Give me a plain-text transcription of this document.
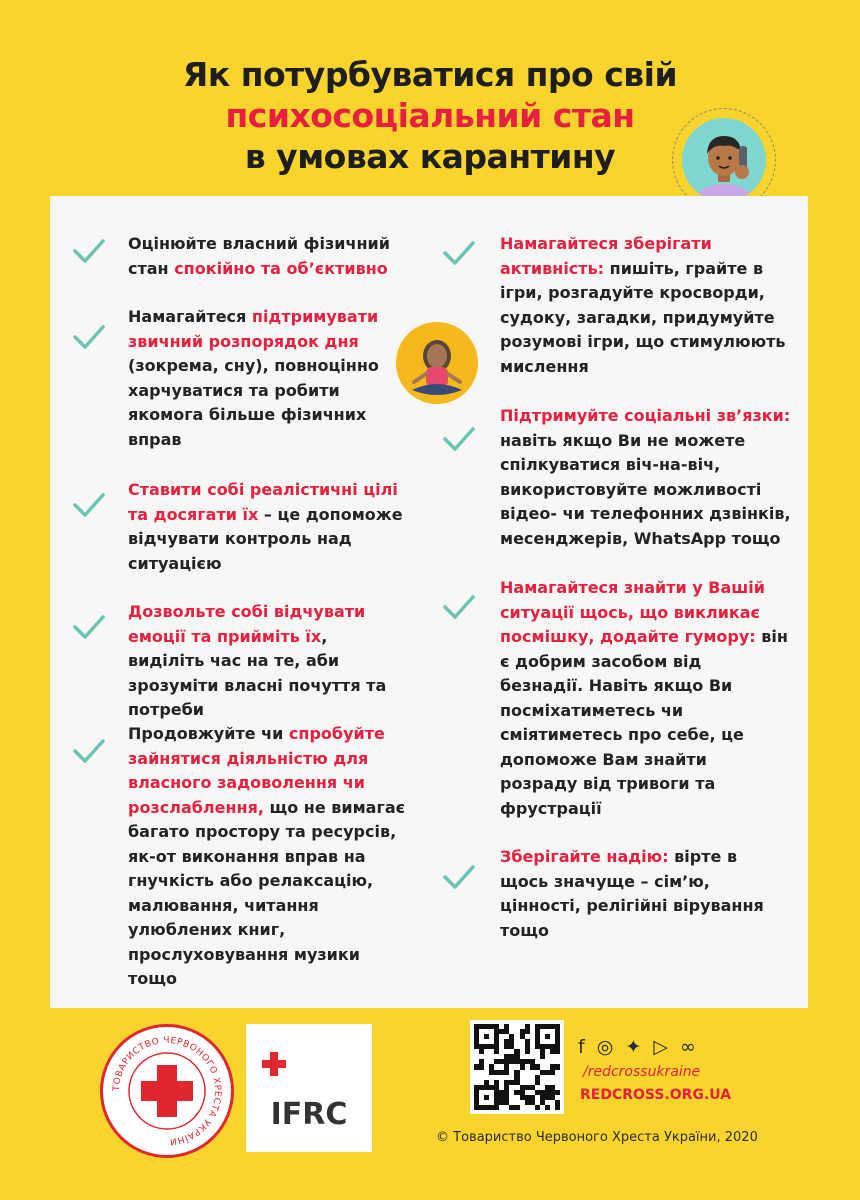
Як потурбуватися про свій
психосоціальний стан
в умовах карантину
Оцінюйте власний фізичний стан спокійно та об’єктивно
Намагайтеся підтримувати звичний розпорядок дня (зокрема, сну), повноцінно харчуватися та робити якомога більше фізичних вправ
Ставити собі реалістичні цілі та досягати їх – це допоможе відчувати контроль над ситуацією
Дозвольте собі відчувати емоції та прийміть їх, виділіть час на те, аби зрозуміти власні почуття та потреби
Продовжуйте чи спробуйте зайнятися діяльністю для власного задоволення чи розслаблення, що не вимагає багато простору та ресурсів, як-от виконання вправ на гнучкість або релаксацію, малювання, читання улюблених книг, прослуховування музики тощо
Намагайтеся зберігати активність: пишіть, грайте в ігри, розгадуйте кросворди, судоку, загадки, придумуйте розумові ігри, що стимулюють мислення
Підтримуйте соціальні зв’язки: навіть якщо Ви не можете спілкуватися віч-на-віч, використовуйте можливості відео- чи телефонних дзвінків, месенджерів, WhatsApp тощо
Намагайтеся знайти у Вашій ситуації щось, що викликає посмішку, додайте гумору: він є добрим засобом від безнадії. Навіть якщо Ви посміхатиметесь чи сміятиметесь про себе, це допоможе Вам знайти розраду від тривоги та фрустрації
Зберігайте надію: вірте в щось значуще – сім’ю, цінності, релігійні вірування тощо
ТОВАРИСТВО ЧЕРВОНОГО ХРЕСТА УКРАЇНИ
IFRC
f ◎ ✦ ▷ ∞
/redcrossukraine
REDCROSS.ORG.UA
© Товариство Червоного Хреста України, 2020
